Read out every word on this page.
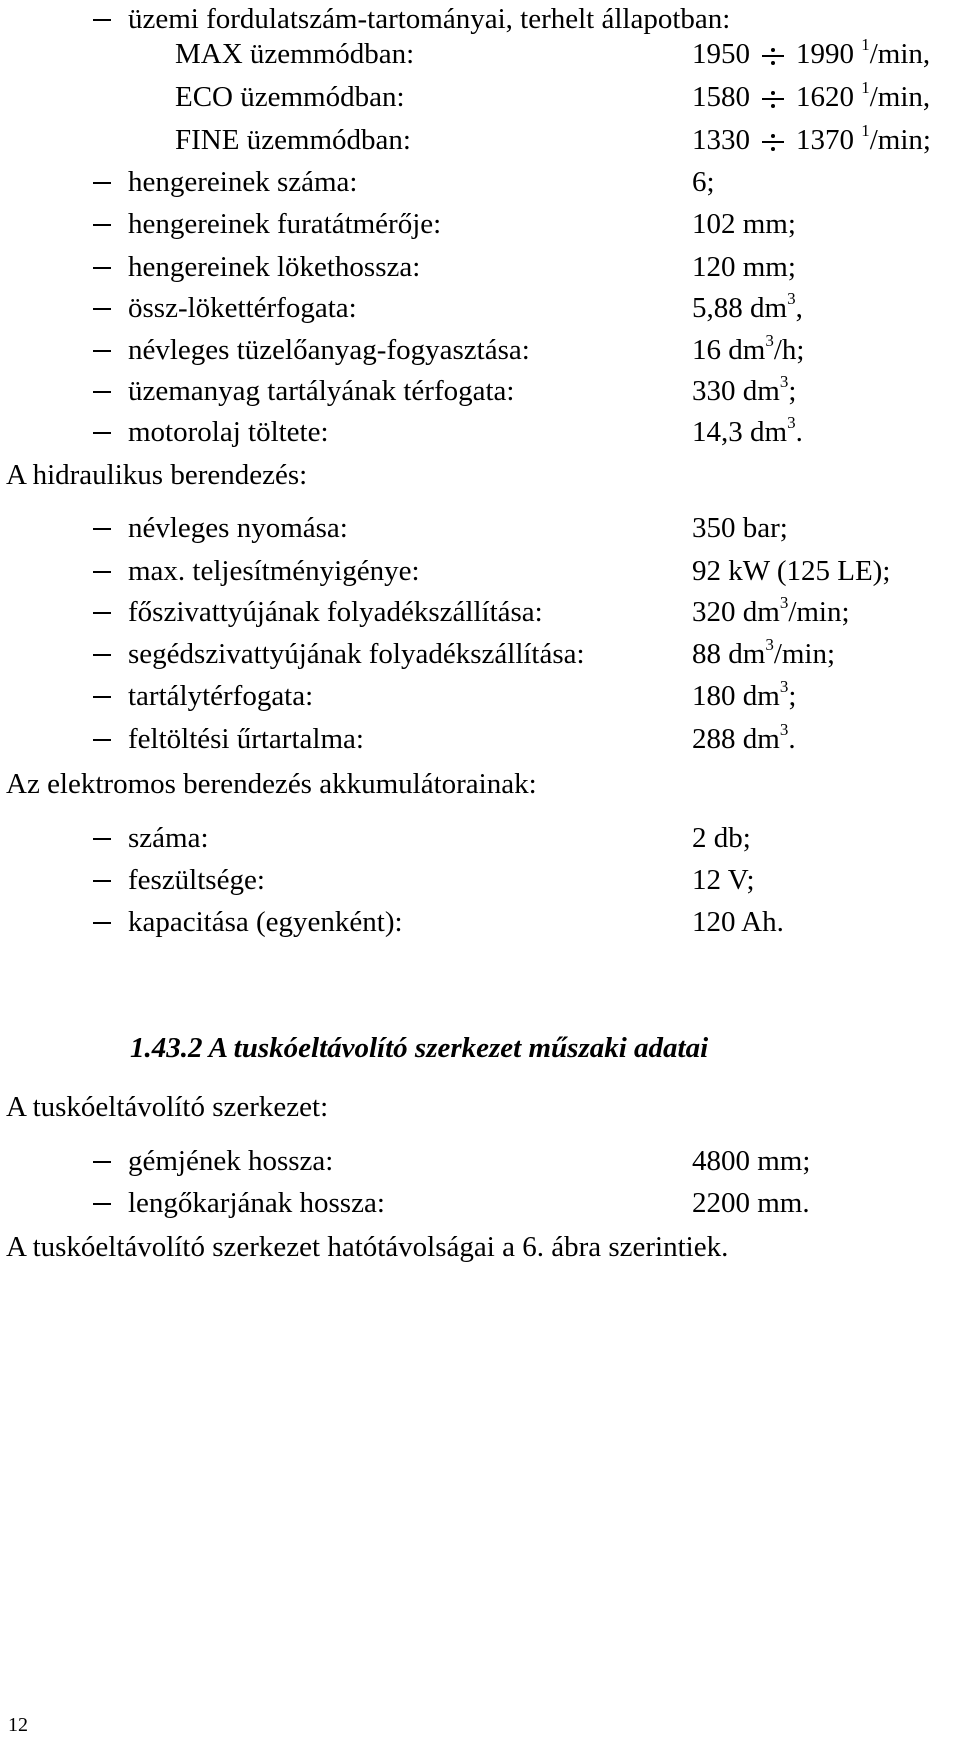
üzemi fordulatszám-tartományai, terhelt állapotban:
MAX üzemmódban:	1950 1990 $^1$/min,
ECO üzemmódban:	1580 1620 $^1$/min,
FINE üzemmódban:	1330 1370 $^1$/min;
hengereinek száma:	6;
hengereinek furatátmérője:	102 mm;
hengereinek lökethossza:	120 mm;
össz-lökettérfogata:	5,88 $dm^3$,
névleges tüzelőanyag-fogyasztása:	16 $dm^3/h$;
üzemanyag tartályának térfogata:	330 $dm^3$;
motorolaj töltete:	14,3 $dm^3$.
A hidraulikus berendezés:
névleges nyomása:	350 bar;
max. teljesítményigénye:	92 kW (125 LE);
főszivattyújának folyadékszállítása:	320 $dm^3/\min$;
segédszivattyújának folyadékszállítása:	88 $dm^3/\min$;
tartálytérfogata:	180 $dm^3$;
feltöltési űrtartalma:	288 $dm^3$.
Az elektromos berendezés akkumulátorainak:
száma:	2 db;
feszültsége:	12 V;
kapacitása (egyenként):	120 Ah.
1.43.2 A tuskóeltávolító szerkezet műszaki adatai
A tuskóeltávolító szerkezet:
gémjének hossza:	4800 mm;
lengőkarjának hossza:	2200 mm.
A tuskóeltávolító szerkezet hatótávolságai a 6. ábra szerintiek.
12
